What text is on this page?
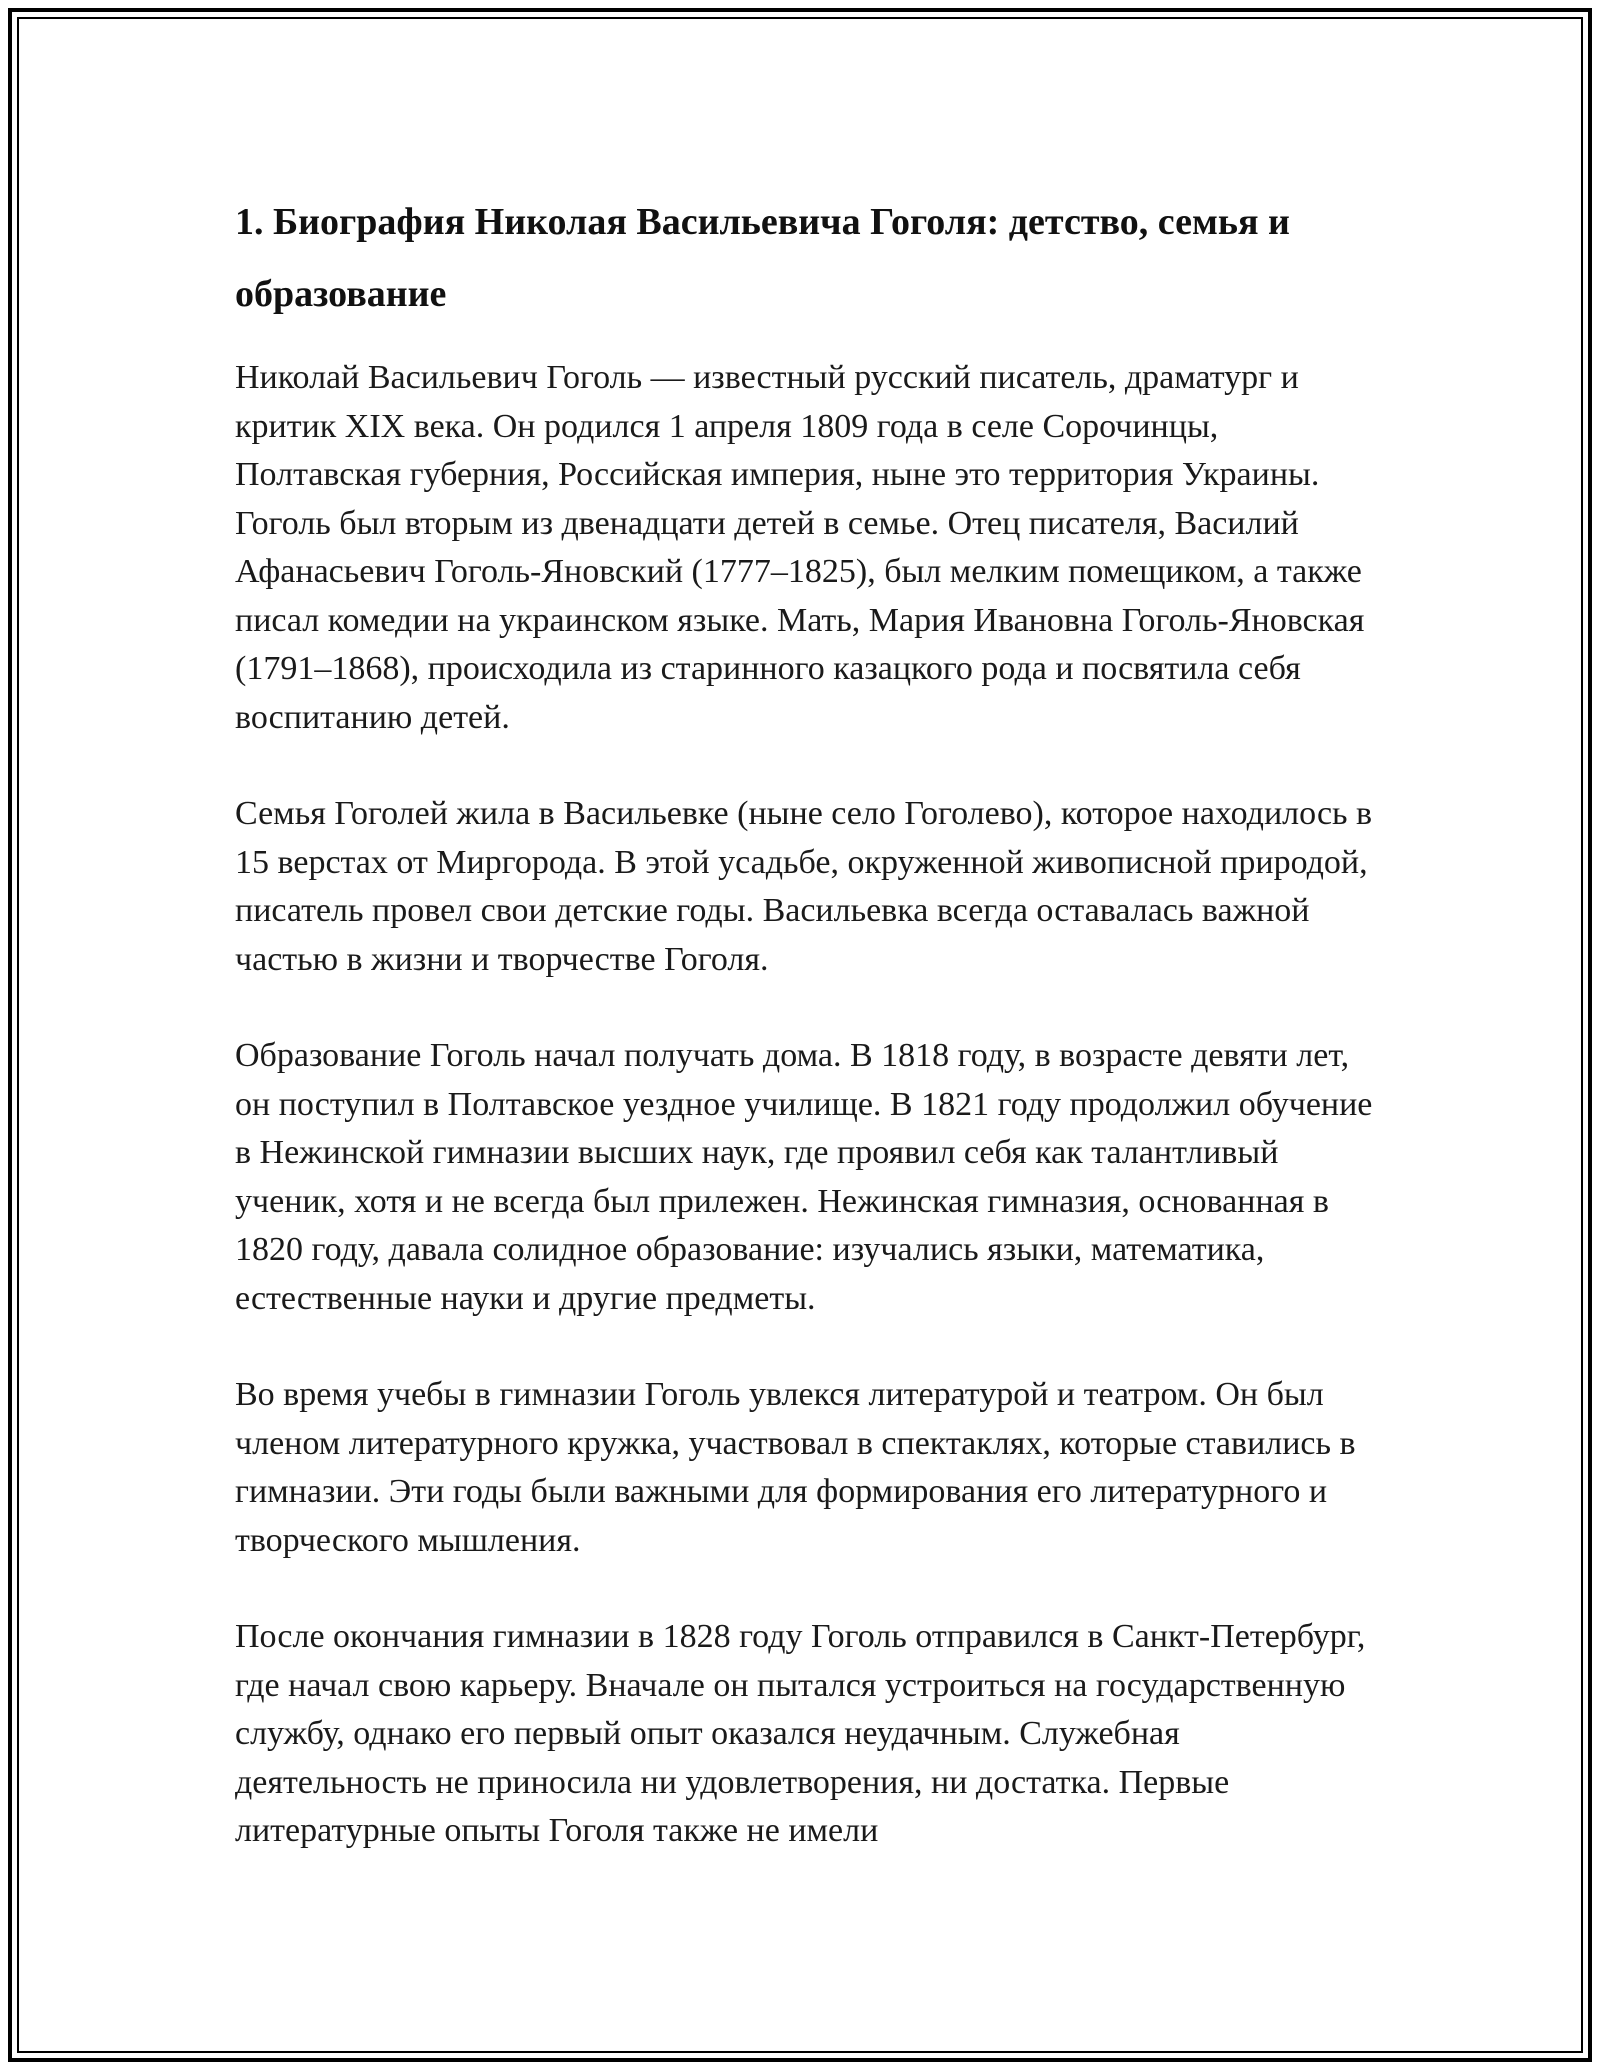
1. Биография Николая Васильевича Гоголя: детство, семья и образование

Николай Васильевич Гоголь — известный русский писатель, драматург и критик XIX века. Он родился 1 апреля 1809 года в селе Сорочинцы, Полтавская губерния, Российская империя, ныне это территория Украины. Гоголь был вторым из двенадцати детей в семье. Отец писателя, Василий Афанасьевич Гоголь-Яновский (1777–1825), был мелким помещиком, а также писал комедии на украинском языке. Мать, Мария Ивановна Гоголь-Яновская (1791–1868), происходила из старинного казацкого рода и посвятила себя воспитанию детей.

Семья Гоголей жила в Васильевке (ныне село Гоголево), которое находилось в 15 верстах от Миргорода. В этой усадьбе, окруженной живописной природой, писатель провел свои детские годы. Васильевка всегда оставалась важной частью в жизни и творчестве Гоголя.

Образование Гоголь начал получать дома. В 1818 году, в возрасте девяти лет, он поступил в Полтавское уездное училище. В 1821 году продолжил обучение в Нежинской гимназии высших наук, где проявил себя как талантливый ученик, хотя и не всегда был прилежен. Нежинская гимназия, основанная в 1820 году, давала солидное образование: изучались языки, математика, естественные науки и другие предметы.

Во время учебы в гимназии Гоголь увлекся литературой и театром. Он был членом литературного кружка, участвовал в спектаклях, которые ставились в гимназии. Эти годы были важными для формирования его литературного и творческого мышления.

После окончания гимназии в 1828 году Гоголь отправился в Санкт-Петербург, где начал свою карьеру. Вначале он пытался устроиться на государственную службу, однако его первый опыт оказался неудачным. Служебная деятельность не приносила ни удовлетворения, ни достатка. Первые литературные опыты Гоголя также не имели
